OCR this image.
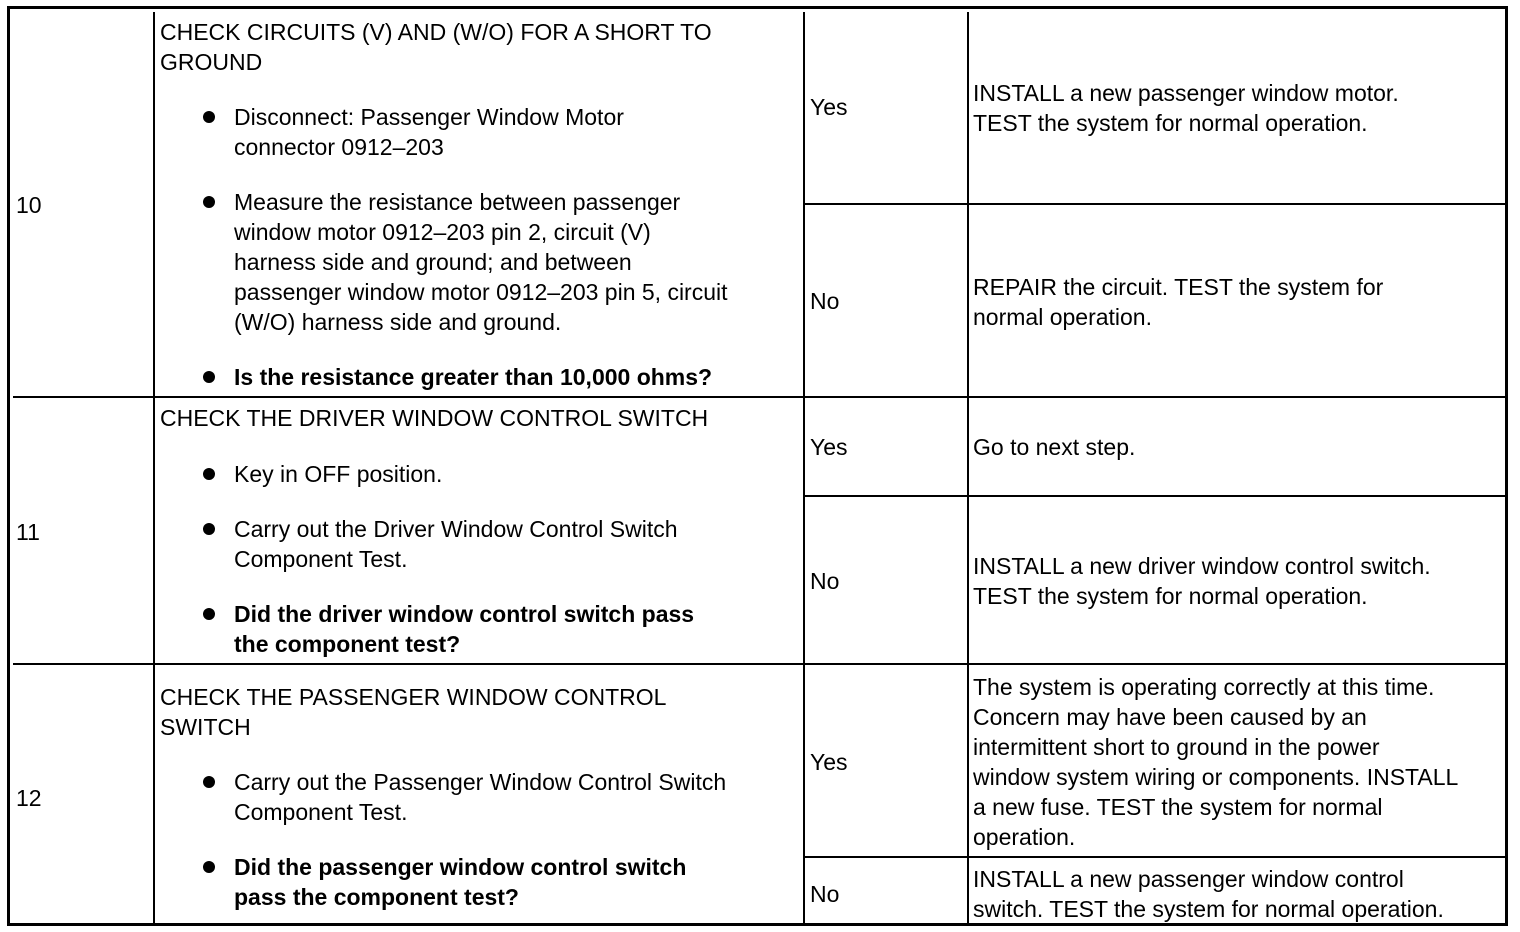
10
CHECK CIRCUITS (V) AND (W/O) FOR A SHORT TO
GROUND
Disconnect: Passenger Window Motor
connector 0912–203
Measure the resistance between passenger
window motor 0912–203 pin 2, circuit (V)
harness side and ground; and between
passenger window motor 0912–203 pin 5, circuit
(W/O) harness side and ground.
Is the resistance greater than 10,000 ohms?
Yes
INSTALL a new passenger window motor.
TEST the system for normal operation.
No
REPAIR the circuit. TEST the system for
normal operation.
11
CHECK THE DRIVER WINDOW CONTROL SWITCH
Key in OFF position.
Carry out the Driver Window Control Switch
Component Test.
Did the driver window control switch pass
the component test?
Yes	Go to next step.
No
INSTALL a new driver window control switch.
TEST the system for normal operation.
12
CHECK THE PASSENGER WINDOW CONTROL
SWITCH
Carry out the Passenger Window Control Switch
Component Test.
Did the passenger window control switch
pass the component test?
Yes
The system is operating correctly at this time.
Concern may have been caused by an
intermittent short to ground in the power
window system wiring or components. INSTALL
a new fuse. TEST the system for normal
operation.
No
INSTALL a new passenger window control
switch. TEST the system for normal operation.
